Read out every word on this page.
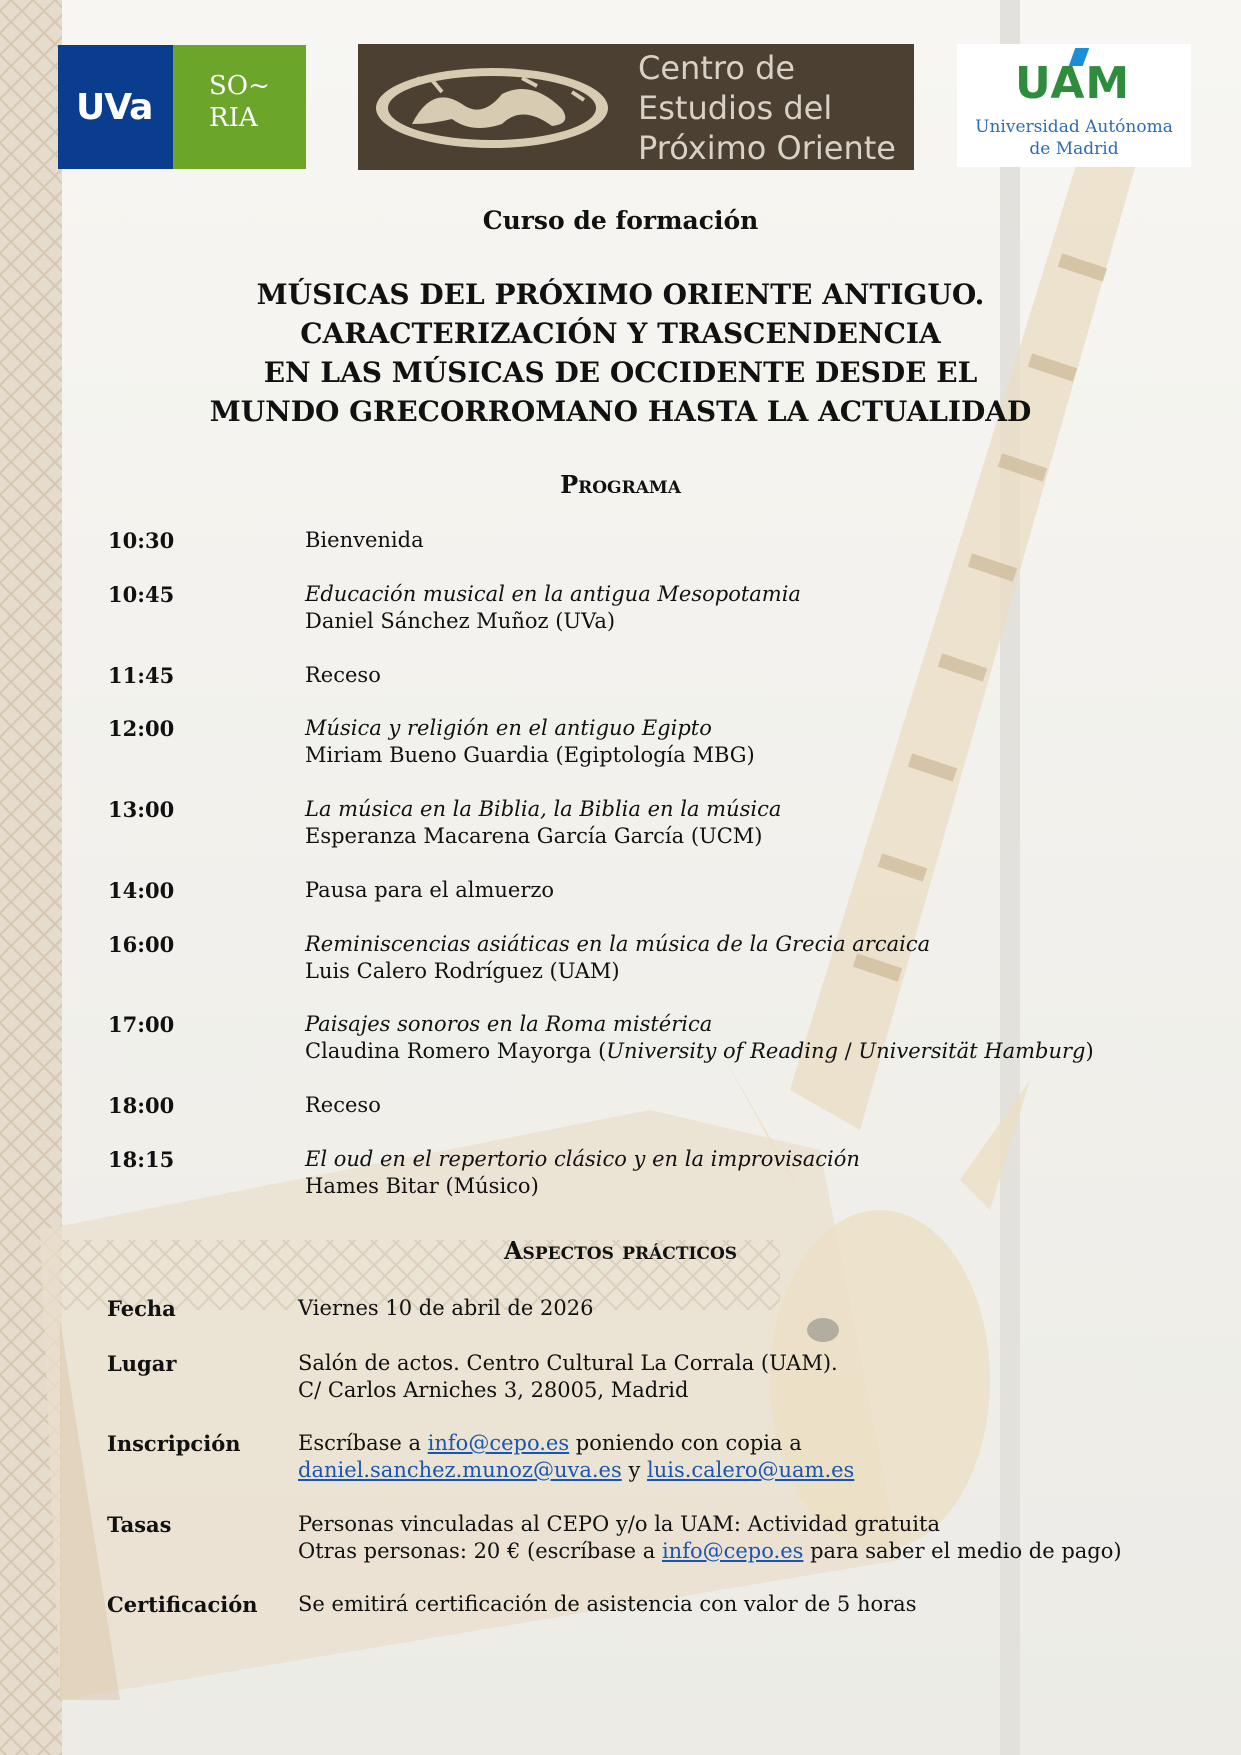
UVa
SO~
RIA
Centro de
Estudios del
Próximo Oriente
UAM
Universidad Autónoma
de Madrid
Curso de formación
MÚSICAS DEL PRÓXIMO ORIENTE ANTIGUO.
CARACTERIZACIÓN Y TRASCENDENCIA
EN LAS MÚSICAS DE OCCIDENTE DESDE EL
MUNDO GRECORROMANO HASTA LA ACTUALIDAD
Programa
10:30	Bienvenida
10:45	Educación musical en la antigua Mesopotamia
Daniel Sánchez Muñoz (UVa)
11:45	Receso
12:00	Música y religión en el antiguo Egipto
Miriam Bueno Guardia (Egiptología MBG)
13:00	La música en la Biblia, la Biblia en la música
Esperanza Macarena García García (UCM)
14:00	Pausa para el almuerzo
16:00	Reminiscencias asiáticas en la música de la Grecia arcaica
Luis Calero Rodríguez (UAM)
17:00	Paisajes sonoros en la Roma mistérica
Claudina Romero Mayorga (University of Reading / Universität Hamburg)
18:00	Receso
18:15	El oud en el repertorio clásico y en la improvisación
Hames Bitar (Músico)
Aspectos prácticos
Fecha	Viernes 10 de abril de 2026
Lugar	Salón de actos. Centro Cultural La Corrala (UAM).
C/ Carlos Arniches 3, 28005, Madrid
Inscripción	Escríbase a info@cepo.es poniendo con copia a
daniel.sanchez.munoz@uva.es y luis.calero@uam.es
Tasas	Personas vinculadas al CEPO y/o la UAM: Actividad gratuita
Otras personas: 20 € (escríbase a info@cepo.es para saber el medio de pago)
Certificación Se emitirá certificación de asistencia con valor de 5 horas
